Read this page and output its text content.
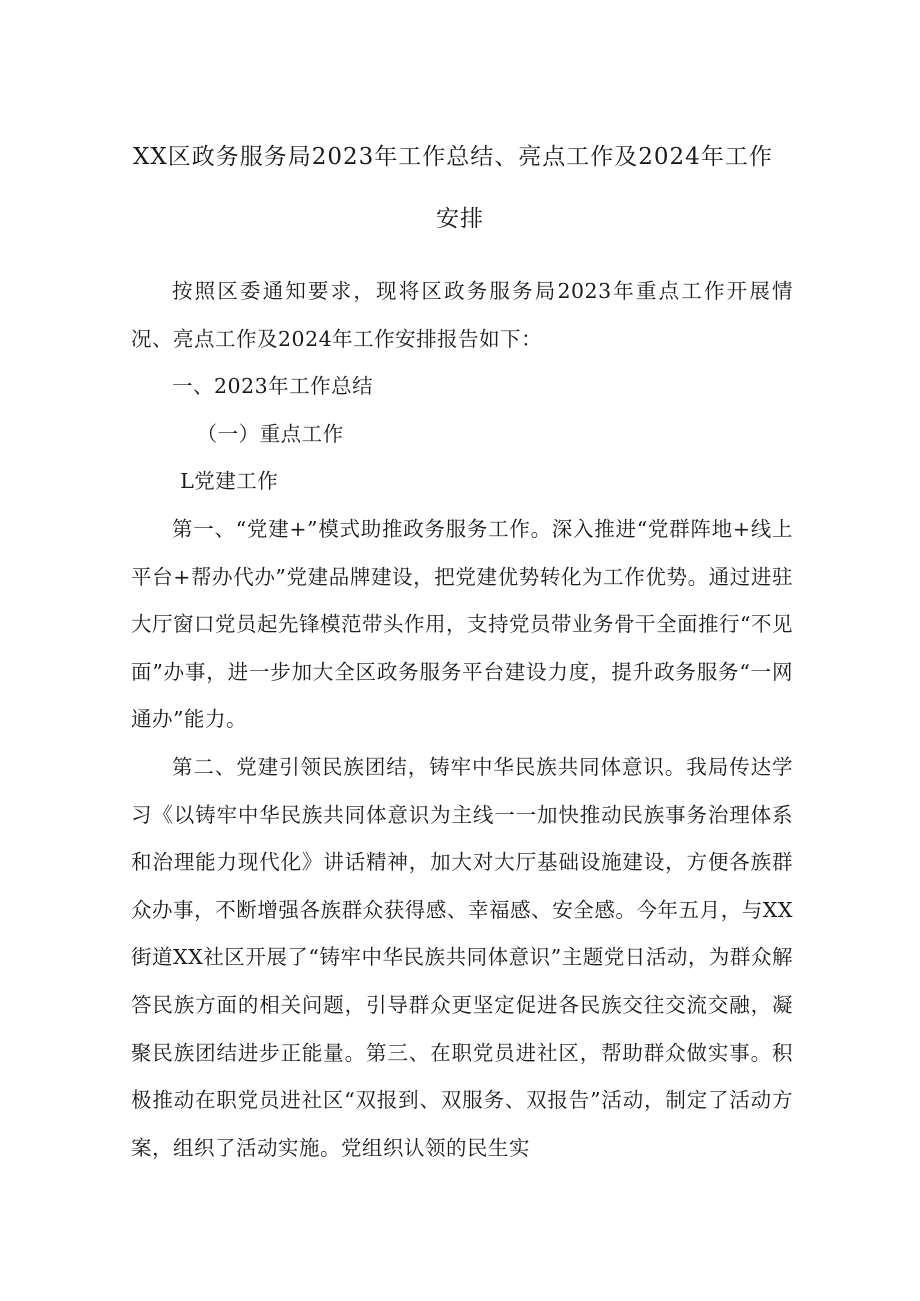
XX区政务服务局2023年工作总结、亮点工作及2024年工作
安排

按照区委通知要求，现将区政务服务局2023年重点工作开展情况、亮点工作及2024年工作安排报告如下：

一、2023年工作总结

（一）重点工作

L党建工作

第一、“党建+”模式助推政务服务工作。深入推进“党群阵地+线上平台+帮办代办”党建品牌建设，把党建优势转化为工作优势。通过进驻大厅窗口党员起先锋模范带头作用，支持党员带业务骨干全面推行“不见面”办事，进一步加大全区政务服务平台建设力度，提升政务服务“一网通办”能力。

第二、党建引领民族团结，铸牢中华民族共同体意识。我局传达学习《以铸牢中华民族共同体意识为主线一一加快推动民族事务治理体系和治理能力现代化》讲话精神，加大对大厅基础设施建设，方便各族群众办事，不断增强各族群众获得感、幸福感、安全感。今年五月，与XX街道XX社区开展了“铸牢中华民族共同体意识”主题党日活动，为群众解答民族方面的相关问题，引导群众更坚定促进各民族交往交流交融，凝聚民族团结进步正能量。第三、在职党员进社区，帮助群众做实事。积极推动在职党员进社区“双报到、双服务、双报告”活动，制定了活动方案，组织了活动实施。党组织认领的民生实
